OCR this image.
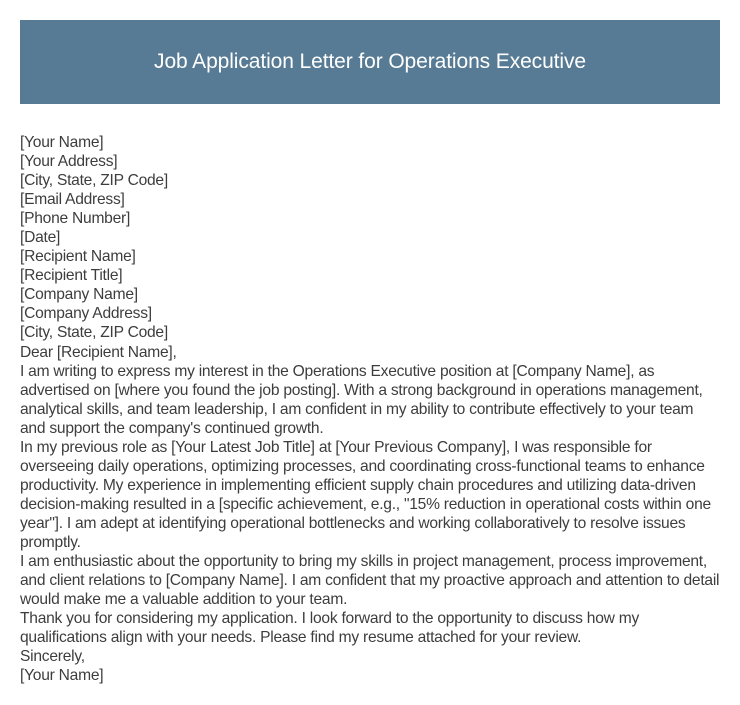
Job Application Letter for Operations Executive
[Your Name]
[Your Address]
[City, State, ZIP Code]
[Email Address]
[Phone Number]
[Date]
[Recipient Name]
[Recipient Title]
[Company Name]
[Company Address]
[City, State, ZIP Code]
Dear [Recipient Name],

I am writing to express my interest in the Operations Executive position at [Company Name], as advertised on [where you found the job posting]. With a strong background in operations management, analytical skills, and team leadership, I am confident in my ability to contribute effectively to your team and support the company's continued growth.

In my previous role as [Your Latest Job Title] at [Your Previous Company], I was responsible for overseeing daily operations, optimizing processes, and coordinating cross-functional teams to enhance productivity. My experience in implementing efficient supply chain procedures and utilizing data-driven decision-making resulted in a [specific achievement, e.g., "15% reduction in operational costs within one year"]. I am adept at identifying operational bottlenecks and working collaboratively to resolve issues promptly.

I am enthusiastic about the opportunity to bring my skills in project management, process improvement, and client relations to [Company Name]. I am confident that my proactive approach and attention to detail would make me a valuable addition to your team.

Thank you for considering my application. I look forward to the opportunity to discuss how my qualifications align with your needs. Please find my resume attached for your review.

Sincerely,
[Your Name]
